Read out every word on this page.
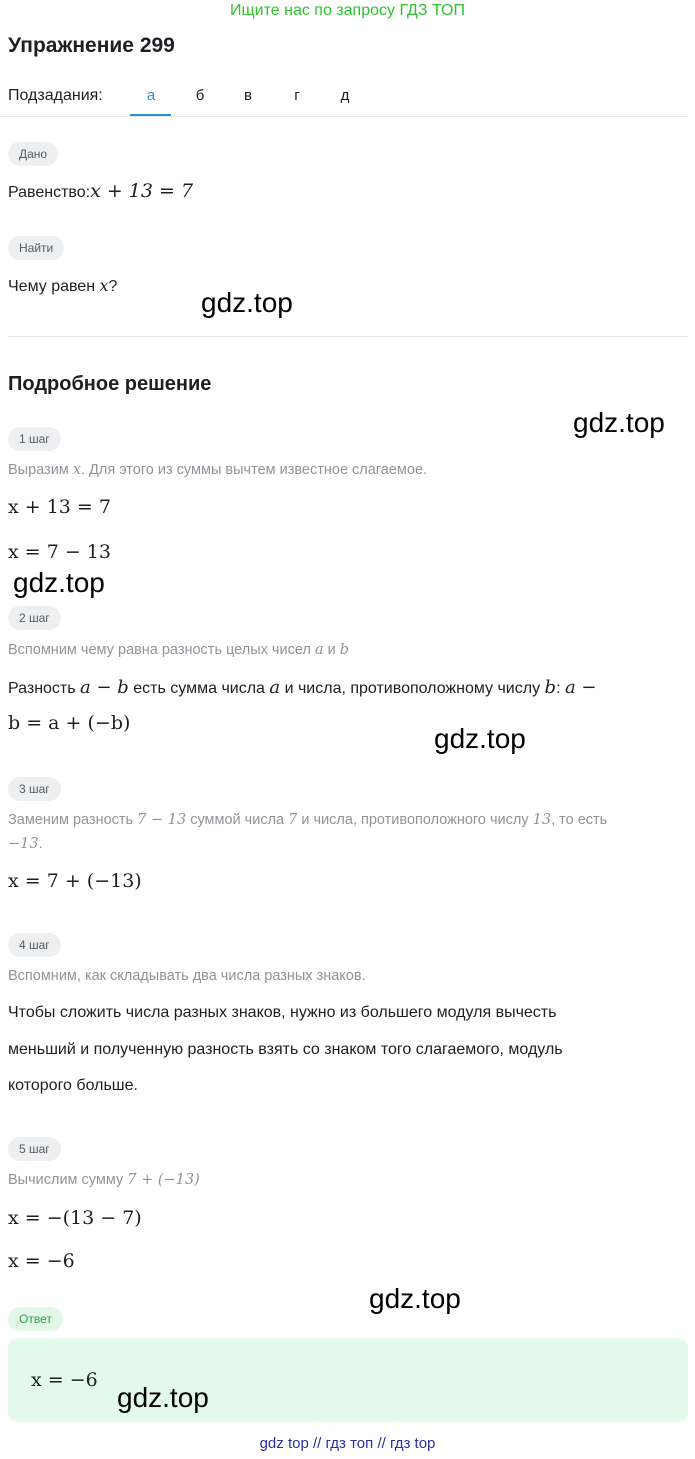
Ищите нас по запросу ГДЗ ТОП
Упражнение 299
Подзадания:	а	б	в	г	д
Дано
Равенство:x + 13 = 7
Найти
Чему равен x?
gdz.top
Подробное решение
gdz.top
1 шаг
Выразим x. Для этого из суммы вычтем известное слагаемое.
x + 13 = 7
x = 7 − 13
gdz.top
2 шаг
Вспомним чему равна разность целых чисел a и b
Разность a − b есть сумма числа a и числа, противоположному числу b: a −
b = a + (−b)	gdz.top
3 шаг
Заменим разность 7 − 13 суммой числа 7 и числа, противоположного числу 13, то есть
−13.
x = 7 + (−13)
4 шаг
Вспомним, как складывать два числа разных знаков.
Чтобы сложить числа разных знаков, нужно из большего модуля вычесть
меньший и полученную разность взять со знаком того слагаемого, модуль
которого больше.
5 шаг
Вычислим сумму 7 + (−13)
x = −(13 − 7)
x = −6
gdz.top
Ответ
x = −6
gdz.top
gdz top // гдз топ // гдз top
